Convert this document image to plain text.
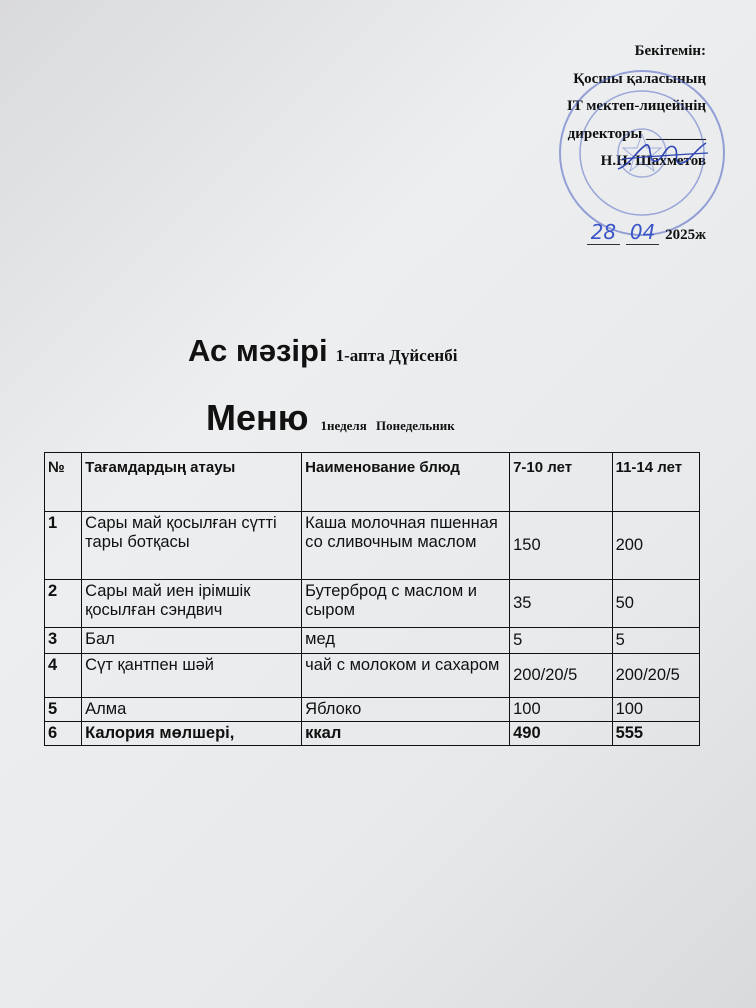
Бекітемін:
Қосшы қаласының
IT мектеп-лицейінің
директоры ________
Н.Н. Шахметов
28 04 2025ж
Ас мәзірі 1-апта Дүйсенбі
Меню 1неделя Понедельник
№	Тағамдардың атауы	Наименование блюд	7-10 лет	11-14 лет
1	Сары май қосылған сүтті тары ботқасы	Каша молочная пшенная со сливочным маслом	150	200
2	Сары май иен ірімшік қосылған сэндвич	Бутерброд с маслом и сыром	35	50
3	Бал	мед	5	5
4	Сүт қантпен шәй	чай с молоком и сахаром	200/20/5	200/20/5
5	Алма	Яблоко	100	100
6	Калория мөлшері,	ккал	490	555
